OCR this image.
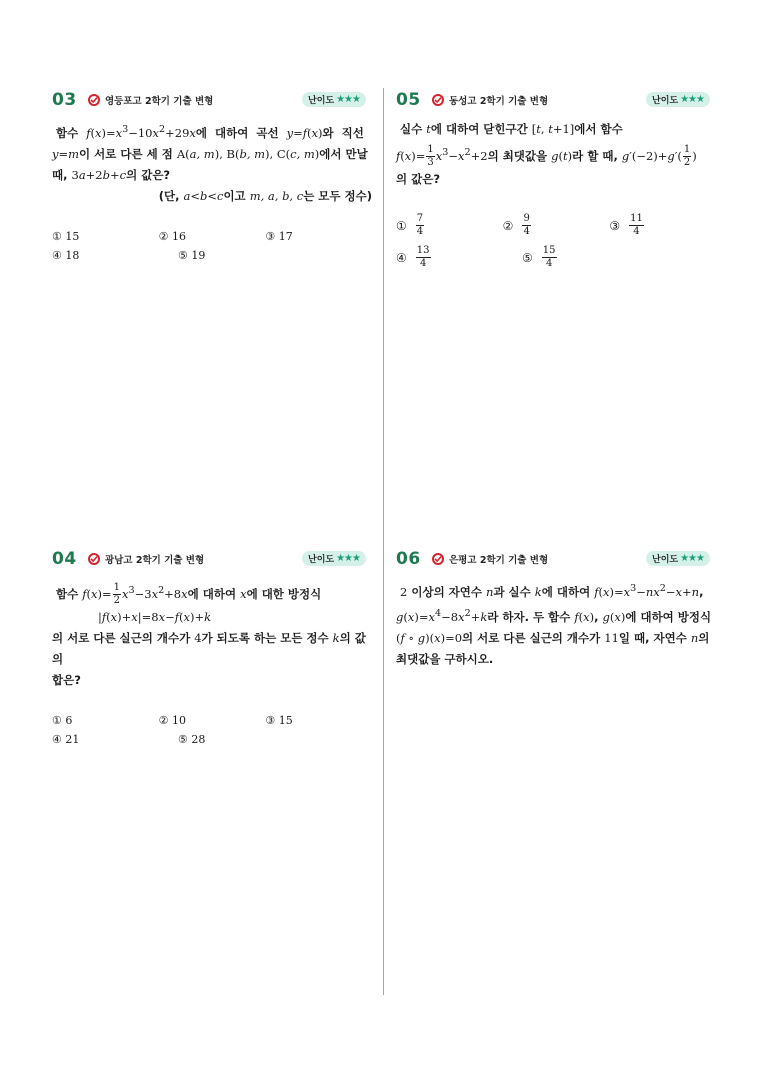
03	영등포고 2학기 기출 변형	난이도 ★★★
함수  $f(x)=x^3-10x^2+29x$에  대하여  곡선  y=f(x)와  직선
y=m이 서로 다른 세 점 A(a, m), B(b, m), C(c, m)에서 만날
때, 3a+2b+c의 값은?
(단, a<b<c이고 m, a, b, c는 모두 정수)
① 15	② 16	③ 17
④ 18	⑤ 19
05	동성고 2학기 기출 변형	난이도 ★★★
실수 t에 대하여 닫힌구간 [t, t+1]에서 함수
$f(x)= \frac{1}{3} x^3-x^2+2$의 최댓값을 g(t)라 할 때, $g'(-2)+g'( \frac{1}{2}$ )
의 값은?
① 7
4	② 9
4	③ 11
4
④ 13
4	⑤ 15
4
04	광남고 2학기 기출 변형	난이도 ★★★
함수 $f(x)= \frac{1}{2} x^3-3x^2+8x$에 대하여 x에 대한 방정식
|f(x)+x|=8x−f(x)+k
의 서로 다른 실근의 개수가 4가 되도록 하는 모든 정수 k의 값의
합은?
① 6	② 10	③ 15
④ 21	⑤ 28
06	은평고 2학기 기출 변형	난이도 ★★★
2 이상의 자연수 n과 실수 k에 대하여 $f(x)=x^3-nx^2-x+n$,
$g(x)=x^4-8x^2+k$라 하자. 두 함수 f(x), g(x)에 대하여 방정식
(f ∘ g)(x)=0의 서로 다른 실근의 개수가 11일 때, 자연수 n의
최댓값을 구하시오.
